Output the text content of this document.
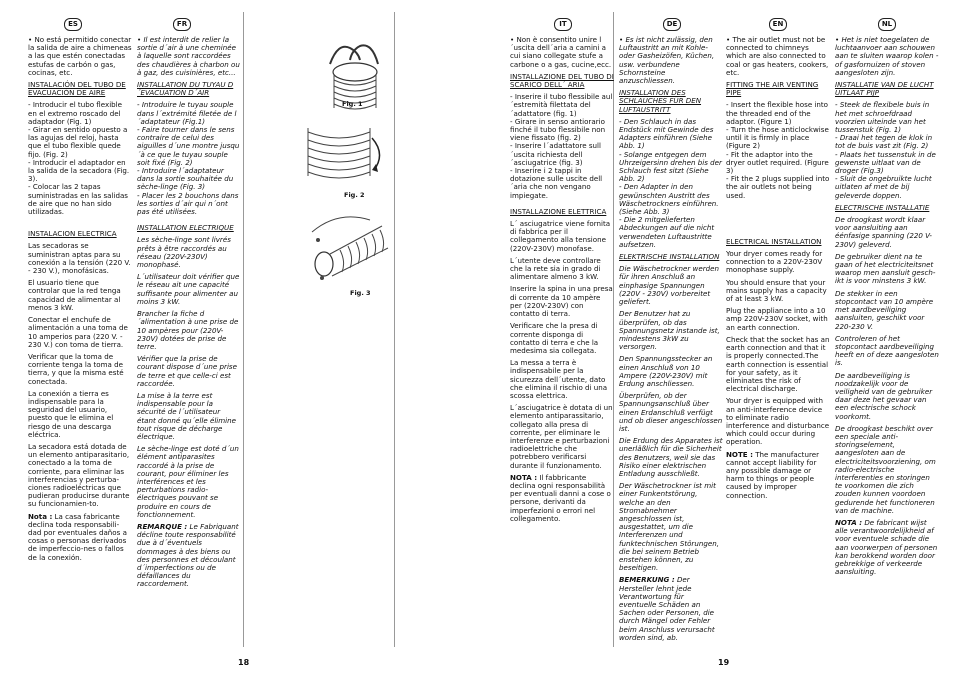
ES	FR	IT	DE	EN	NL

• No está permitido conectar la salida de aire a chimeneas a las que estén conectadas estufas de carbón o gas, cocinas, etc.

INSTALACIÓN DEL TUBO DE EVACUACIÓN DE AIRE

- Introducir el tubo flexible en el extremo roscado del adaptador (Fig. 1)
- Girar en sentido opuesto a las agujas del reloj, hasta que el tubo flexible quede fijo. (Fig. 2)
- Introducir el adaptador en la salida de la secadora (Fig. 3).
- Colocar las 2 tapas suministradas en las salidas de aire que no han sido utilizadas.

INSTALACION ELECTRICA

Las secadoras se suministran aptas para su conexión a la tensión (220 V. - 230 V.), monofásicas.

El usuario tiene que controlar que la red tenga capacidad de alimentar al menos 3 kW.

Conectar el enchufe de alimentación a una toma de 10 amperios para (220 V. - 230 V.) con toma de tierra.

Verificar que la toma de corriente tenga la toma de tierra, y que la misma esté conectada.

La conexión a tierra es indispensable para la seguridad del usuario, puesto que le elimina el riesgo de una descarga eléctrica.

La secadora está dotada de un elemento antiparasitario, conectado a la toma de corriente, para eliminar las interferencias y perturba-ciones radioeléctricas que pudieran producirse durante su funcionamien-to.

Nota : La casa fabricante declina toda responsabili-dad por eventuales daños a cosas o personas derivados de imperfeccio-nes o fallos de la conexión.

• Il est interdit de relier la sortie d´air à une cheminée à laquelle sont raccordées des chaudières à charbon ou à gaz, des cuisinières, etc...

INSTALLATION DU TUYAU D´EVACUATION D´AIR

- Introduire le tuyau souple dans l´extrémité filetée de l´adaptateur (Fig.1)
- Faire tourner dans le sens contraire de celui des aiguilles d´une montre jusqu´à ce que le tuyau souple soit fixé (Fig. 2)
- Introduire l´adaptateur dans la sortie souhaitée du sèche-linge (Fig. 3)
- Placer les 2 bouchons dans les sorties d´air qui n´ont pas été utilisées.

INSTALLATION ELECTRIQUE

Les sèche-linge sont livrés prêts à être raccordés au réseau (220V-230V) monophasé.

L´utilisateur doit vérifier que le réseau ait une capacité suffisante pour alimenter au moins 3 kW.

Brancher la fiche d´alimentation à une prise de 10 ampères pour (220V-230V) dotées de prise de terre.

Vérifier que la prise de courant dispose d´une prise de terre et que celle-ci est raccordée.

La mise à la terre est indispensable pour la sécurité de l´utilisateur étant donné qu´elle élimine tout risque de décharge électrique.

Le sèche-linge est doté d´un élément antiparasites raccordé à la prise de courant, pour éliminer les interférences et les perturbations radio-électriques pouvant se produire en cours de fonctionnement.

REMARQUE : Le Fabriquant décline toute responsabilité due à d´éventuels dommages à des biens ou des personnes et découlant d´imperfections ou de défaillances du raccordement.

Fig. 1
Fig. 2
Fig. 3

• Non è consentito unire l´uscita dell´aria a camini a cui siano collegate stufe a carbone o a gas, cucine,ecc.

INSTALLAZIONE DEL TUBO DI SCARICO DELL´ ARIA

- Inserire il tubo flessibile aul´estremità filettata del´adattatore (fig. 1)
- Girare in senso antiorario finché il tubo flessibile non viene fissato (fig. 2)
- Inserire l´adattatore sull´uscita richiesta dell´asciugatrice (fig. 3)
- Inserire i 2 tappi in dotazione sulle uscite dell´aria che non vengano impiegate.

INSTALLAZIONE ELETTRICA

L´ asciugatrice viene fornita di fabbrica per il collegamento alla tensione (220V-230V) monofase.

L´utente deve controllare che la rete sia in grado di alimentare almeno 3 kW.

Inserire la spina in una presa di corrente da 10 ampère per (220V-230V) con contatto di terra.

Verificare che la presa di corrente disponga di contatto di terra e che la medesima sia collegata.

La messa a terra è indispensabile per la sicurezza dell´utente, dato che elimina il rischio di una scossa elettrica.

L´asciugatrice è dotata di un elemento antiparassitario, collegato alla presa di corrente, per eliminare le interferenze e perturbazioni radioelettriche che potrebbero verificarsi durante il funzionamento.

NOTA : Il fabbricante declina ogni responsabilità per eventuali danni a cose o persone, derivanti da imperfezioni o errori nel collegamento.

• Es ist nicht zulässig, den Luftaustritt an mit Kohle- oder Gasheizöfen, Küchen, usw. verbundene Schornsteine anzuschliessen.

INSTALLATION DES SCHLAUCHES FÜR DEN LUFTAUSTRITT

- Den Schlauch in das Endstück mit Gewinde des Adapters einführen (Siehe Abb. 1)
- Solange entgegen dem Uhrzeigersinn drehen bis der Schlauch fest sitzt (Siehe Abb. 2)
- Den Adapter in den gewünschten Austritt des Wäschetrockners einführen. (Siehe Abb. 3)
- Die 2 mitgelieferten Abdeckungen auf die nicht verwendeten Luftaustritte aufsetzen.

ELEKTRISCHE INSTALLATION

Die Wäschetrockner werden für ihren Anschluß an einphasige Spannungen (220V - 230V) vorbereitet geliefert.

Der Benutzer hat zu überprüfen, ob das Spannungsnetz instande ist, mindestens 3kW zu versorgen.

Den Spannungsstecker an einen Anschluß von 10 Ampere (220V-230V) mit Erdung anschliessen.

Überprüfen, ob der Spannungsanschluß über einen Erdanschluß verfügt und ob dieser angeschlossen ist.

Die Erdung des Apparates ist unerläßlich für die Sicherheit des Benutzers, weil sie das Risiko einer elektrischen Entladung ausschließt.

Der Wäschetrockner ist mit einer Funkentstörung, welche an den Stromabnehmer angeschlossen ist, ausgestattet, um die Interferenzen und funktechnischen Störungen, die bei seinem Betrieb enstehen können, zu beseitigen.

BEMERKUNG : Der Hersteller lehnt jede Verantwortung für eventuelle Schäden an Sachen oder Personen, die durch Mängel oder Fehler beim Anschluss verursacht worden sind, ab.

• The air outlet must not be connected to chimneys which are also connected to coal or gas heaters, cookers, etc.

FITTING THE AIR VENTING PIPE

- Insert the flexible hose into the threaded end of the adaptor. (Figure 1)
- Turn the hose anticlockwise until it is firmly in place (Figure 2)
- Fit the adaptor into the dryer outlet required. (Figure 3)
- Fit the 2 plugs supplied into the air outlets not being used.

ELECTRICAL INSTALLATION

Your dryer comes ready for connection to a 220V-230V monophase supply.

You should ensure that your mains supply has a capacity of at least 3 kW.

Plug the appliance into a 10 amp 220V-230V socket, with an earth connection.

Check that the socket has an earth connection and that it is properly connected.The earth connection is essential for your safety, as it eliminates the risk of electrical discharge.

Your dryer is equipped with an anti-interference device to eliminate radio interference and disturbance which could occur during operation.

NOTE : The manufacturer cannot accept liability for any possible damage or harm to things or people caused by improper connection.

• Het is niet toegelaten de luchtaanvoer aan schouwen aan te sluiten waarop kolen -of gasfornuizen of stoven aangesloten zijn.

INSTALLATIE VAN DE LUCHT UITLAAT PIJP

- Steek de flexibele buis in het met schroefdraad voorzien uiteinde van het tussenstuk (Fig. 1)
- Draai het tegen de klok in tot de buis vast zit (Fig. 2)
- Plaats het tussenstuk in de gewenste uitlaat van de droger (Fig.3)
- Sluit de ongebruikte lucht uitlaten af met de bij geleverde doppen.

ELECTRISCHE INSTALLATIE

De droogkast wordt klaar voor aansluiting aan éénfasige spanning (220 V-230V) geleverd.

De gebruiker dient na te gaan of het electriciteitsnet waarop men aansluit gesch-ikt is voor minstens 3 kW.

De stekker in een stopcontact van 10 ampère met aardbeveiliging aansluiten, geschikt voor 220-230 V.

Controleren of het stopcontact aardbeveiliging heeft en of deze aangesloten is.

De aardbeveiliging is noodzakelijk voor de veiligheid van de gebruiker daar deze het gevaar van een electrische schock voorkomt.

De droogkast beschikt over een speciale anti-storingselement, aangesloten aan de electriciteitsvoorziening, om radio-electrische interferenties en storingen te voorkomen die zich zouden kunnen voordoen gedurende het functioneren van de machine.

NOTA : De fabricant wijst alle verantwoordelijkheid af voor eventuele schade die aan voorwerpen of personen kan berokkend worden door gebrekkige of verkeerde aansluiting.

18	19
